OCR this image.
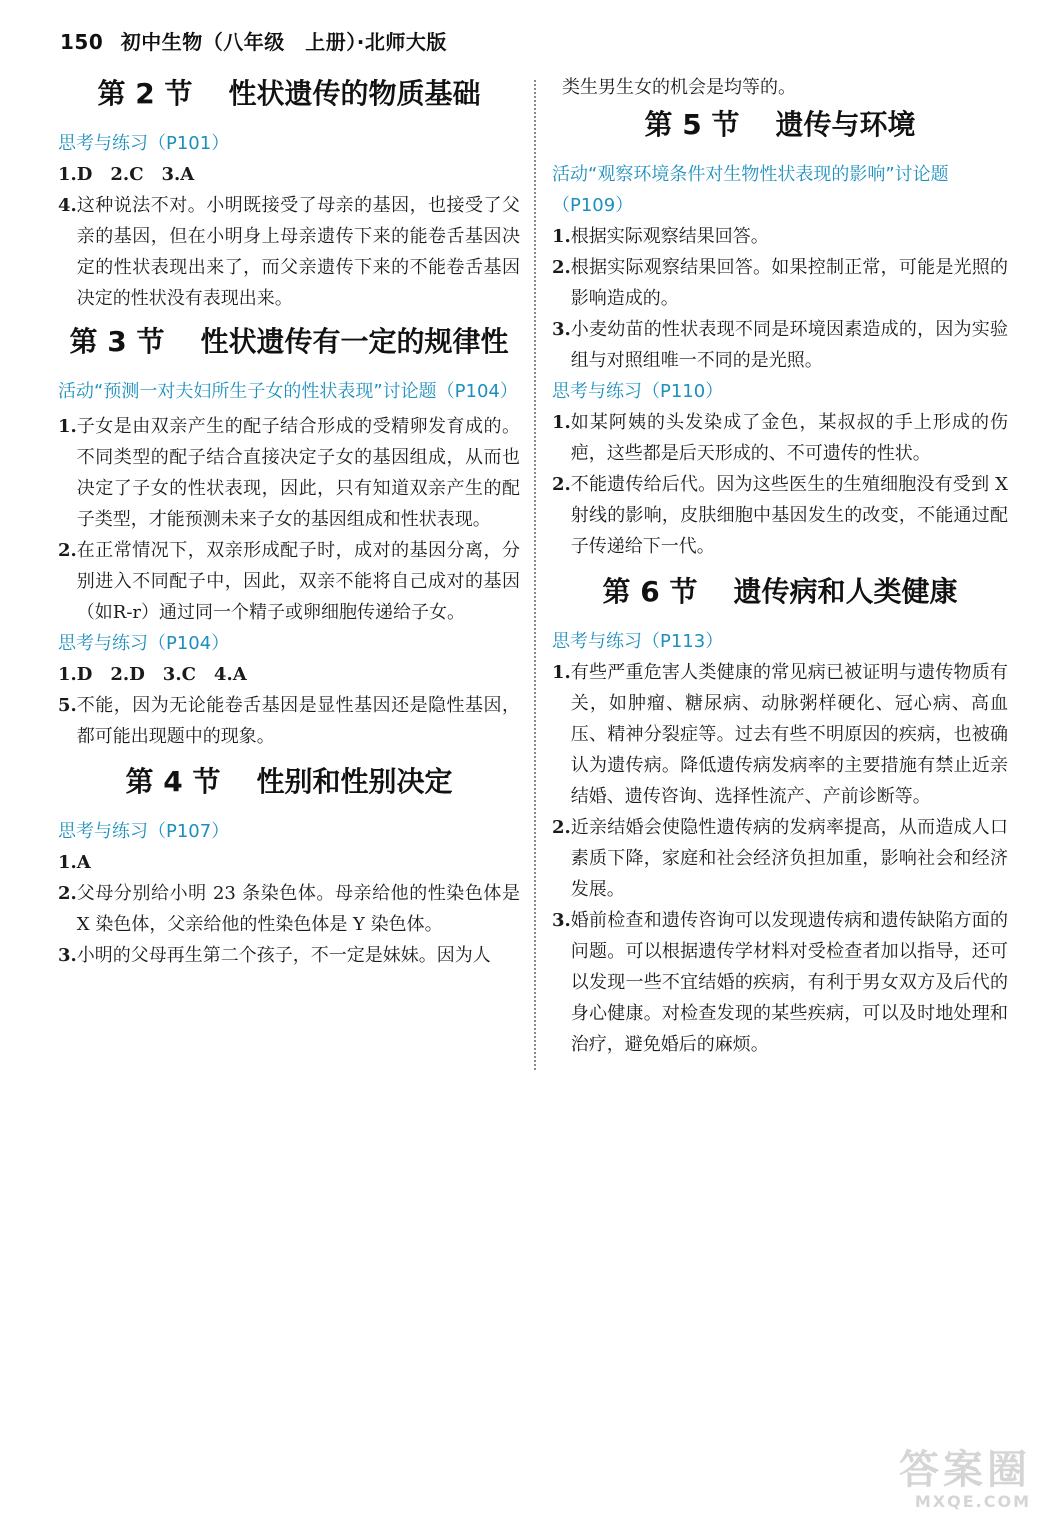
150 初中生物（八年级　上册）·北师大版
第 2 节 性状遗传的物质基础

思考与练习（P101）

1.D　2.C　3.A

4. 这种说法不对。小明既接受了母亲的基因，也接受了父亲的基因，但在小明身上母亲遗传下来的能卷舌基因决定的性状表现出来了，而父亲遗传下来的不能卷舌基因决定的性状没有表现出来。
第 3 节 性状遗传有一定的规律性

活动“预测一对夫妇所生子女的性状表现”讨论题（P104）

1. 子女是由双亲产生的配子结合形成的受精卵发育成的。不同类型的配子结合直接决定子女的基因组成，从而也决定了子女的性状表现，因此，只有知道双亲产生的配子类型，才能预测未来子女的基因组成和性状表现。
2. 在正常情况下，双亲形成配子时，成对的基因分离，分别进入不同配子中，因此，双亲不能将自己成对的基因（如R-r）通过同一个精子或卵细胞传递给子女。

思考与练习（P104）

1.D　2.D　3.C　4.A

5. 不能，因为无论能卷舌基因是显性基因还是隐性基因，都可能出现题中的现象。
第 4 节 性别和性别决定

思考与练习（P107）

1.A

2. 父母分别给小明 23 条染色体。母亲给他的性染色体是 X 染色体，父亲给他的性染色体是 Y 染色体。
3. 小明的父母再生第二个孩子，不一定是妹妹。因为人

类生男生女的机会是均等的。

第 5 节 遗传与环境

活动“观察环境条件对生物性状表现的影响”讨论题（P109）

1. 根据实际观察结果回答。
2. 根据实际观察结果回答。如果控制正常，可能是光照的影响造成的。
3. 小麦幼苗的性状表现不同是环境因素造成的，因为实验组与对照组唯一不同的是光照。

思考与练习（P110）

1. 如某阿姨的头发染成了金色，某叔叔的手上形成的伤疤，这些都是后天形成的、不可遗传的性状。
2. 不能遗传给后代。因为这些医生的生殖细胞没有受到 X 射线的影响，皮肤细胞中基因发生的改变，不能通过配子传递给下一代。
第 6 节 遗传病和人类健康

思考与练习（P113）

1. 有些严重危害人类健康的常见病已被证明与遗传物质有关，如肿瘤、糖尿病、动脉粥样硬化、冠心病、高血压、精神分裂症等。过去有些不明原因的疾病，也被确认为遗传病。降低遗传病发病率的主要措施有禁止近亲结婚、遗传咨询、选择性流产、产前诊断等。
2. 近亲结婚会使隐性遗传病的发病率提高，从而造成人口素质下降，家庭和社会经济负担加重，影响社会和经济发展。
3. 婚前检查和遗传咨询可以发现遗传病和遗传缺陷方面的问题。可以根据遗传学材料对受检查者加以指导，还可以发现一些不宜结婚的疾病，有利于男女双方及后代的身心健康。对检查发现的某些疾病，可以及时地处理和治疗，避免婚后的麻烦。
答案圈
MXQE.COM
